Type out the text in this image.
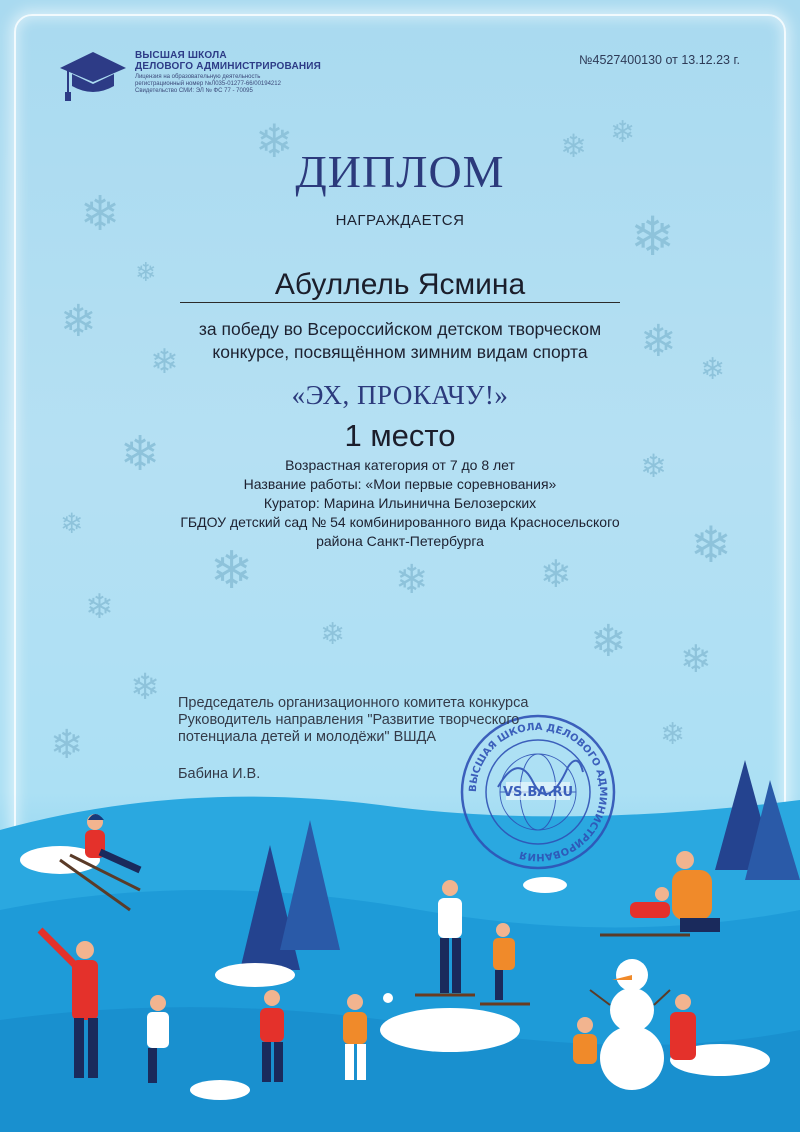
❄	❄ ❄
❄
❄
❄
❄
❄	❄
❄
❄
❄
❄
❄
❄	❄	❄
❄
❄	❄ ❄
❄
❄	❄
ВЫСШАЯ ШКОЛА
ДЕЛОВОГО АДМИНИСТРИРОВАНИЯ
Лицензия на образовательную деятельность
регистрационный номер №Л035-01277-66/00194212
Свидетельство СМИ: ЭЛ № ФС 77 - 70095
№4527400130 от 13.12.23 г.
ДИПЛОМ
НАГРАЖДАЕТСЯ
Абуллель Ясмина
за победу во Всероссийском детском творческом
конкурсе, посвящённом зимним видам спорта
«ЭХ, ПРОКАЧУ!»
1 место
Возрастная категория от 7 до 8 лет
Название работы: «Мои первые соревнования»
Куратор: Марина Ильинична Белозерских
ГБДОУ детский сад № 54 комбинированного вида Красносельского
района Санкт-Петербурга
ВЫСШАЯ ШКОЛА ДЕЛОВОГО АДМИНИСТРИРОВАНИЯ
VS.BA.RU
Председатель организационного комитета конкурса
Руководитель направления "Развитие творческого
потенциала детей и молодёжи" ВШДА
Бабина И.В.
